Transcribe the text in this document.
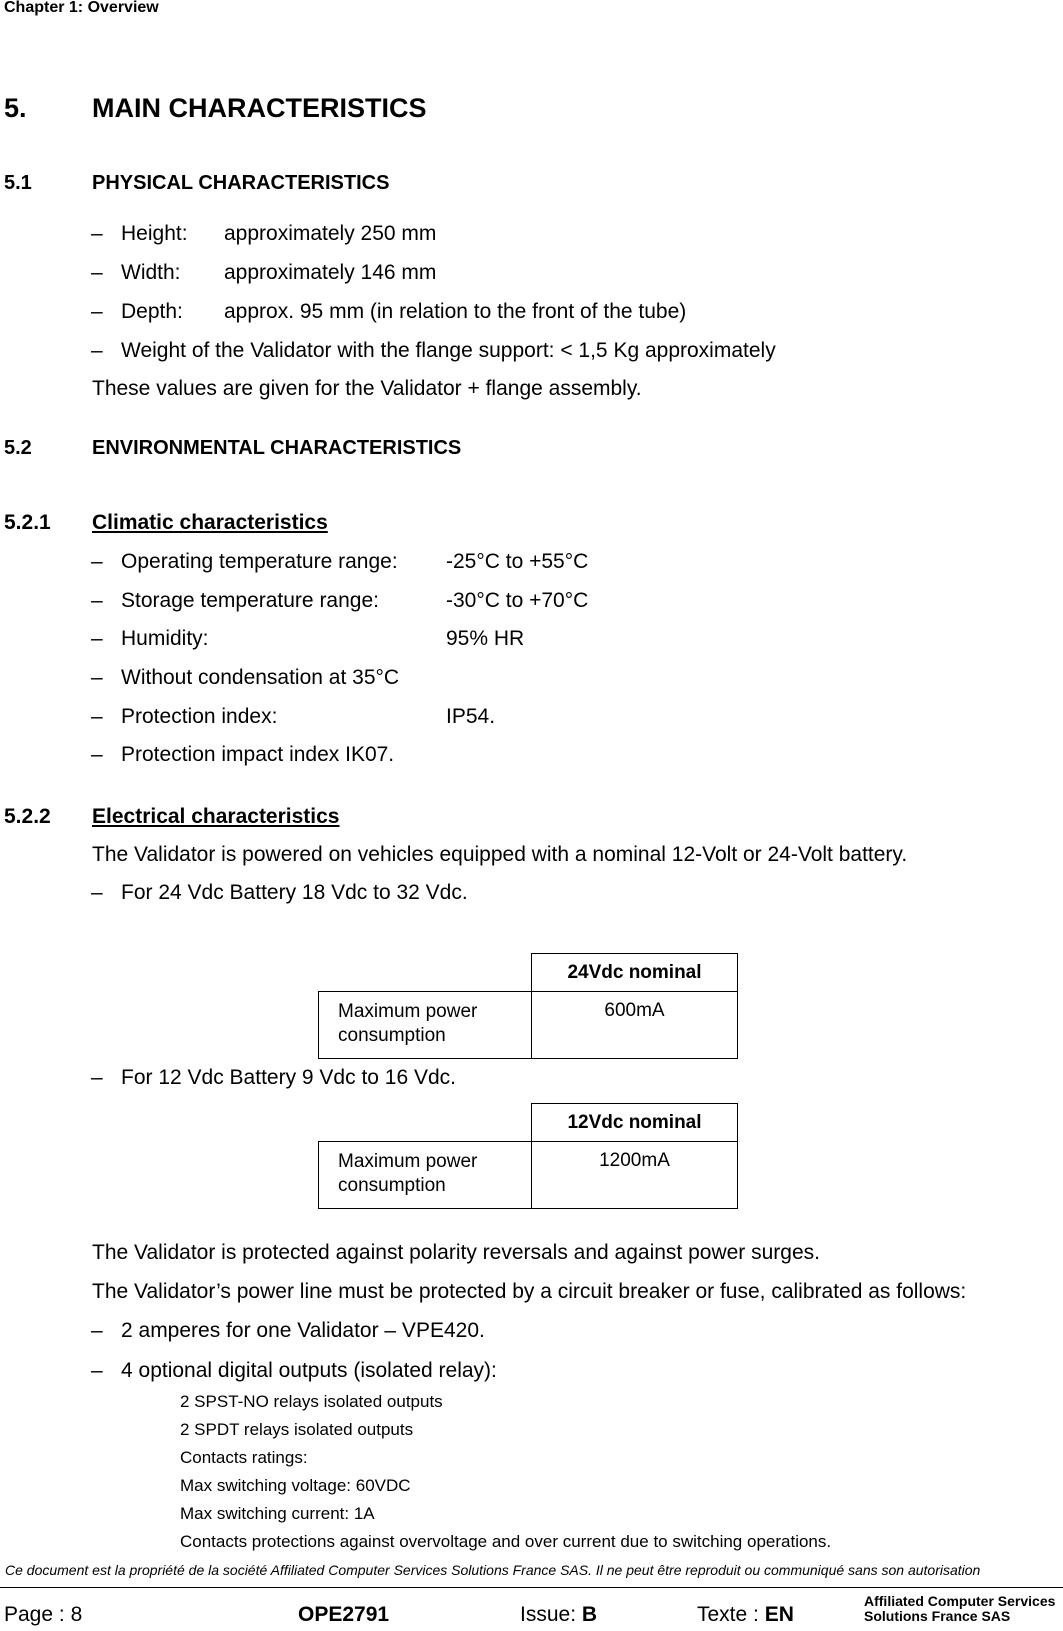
Chapter 1: Overview
5. MAIN CHARACTERISTICS
5.1	PHYSICAL CHARACTERISTICS
– Height: approximately 250 mm
– Width: approximately 146 mm
– Depth: approx. 95 mm (in relation to the front of the tube)
– Weight of the Validator with the flange support: < 1,5 Kg approximately
These values are given for the Validator + flange assembly.
5.2	ENVIRONMENTAL CHARACTERISTICS
5.2.1 Climatic characteristics
– Operating temperature range: -25°C to +55°C
– Storage temperature range:	-30°C to +70°C
– Humidity:	95% HR
– Without condensation at 35°C
– Protection index:	IP54.
– Protection impact index IK07.
5.2.2 Electrical characteristics
The Validator is powered on vehicles equipped with a nominal 12-Volt or 24-Volt battery.
– For 24 Vdc Battery 18 Vdc to 32 Vdc.
	24Vdc nominal
Maximum power consumption	600mA
– For 12 Vdc Battery 9 Vdc to 16 Vdc.
	12Vdc nominal
Maximum power consumption	1200mA
The Validator is protected against polarity reversals and against power surges.
The Validator’s power line must be protected by a circuit breaker or fuse, calibrated as follows:
– 2 amperes for one Validator – VPE420.
– 4 optional digital outputs (isolated relay):
2 SPST-NO relays isolated outputs
2 SPDT relays isolated outputs
Contacts ratings:
Max switching voltage: 60VDC
Max switching current: 1A
Contacts protections against overvoltage and over current due to switching operations.
Ce document est la propriété de la société Affiliated Computer Services Solutions France SAS. Il ne peut être reproduit ou communiqué sans son autorisation
Page : 8	OPE2791	Issue: B	Texte : EN
Affiliated Computer Services
Solutions France SAS
